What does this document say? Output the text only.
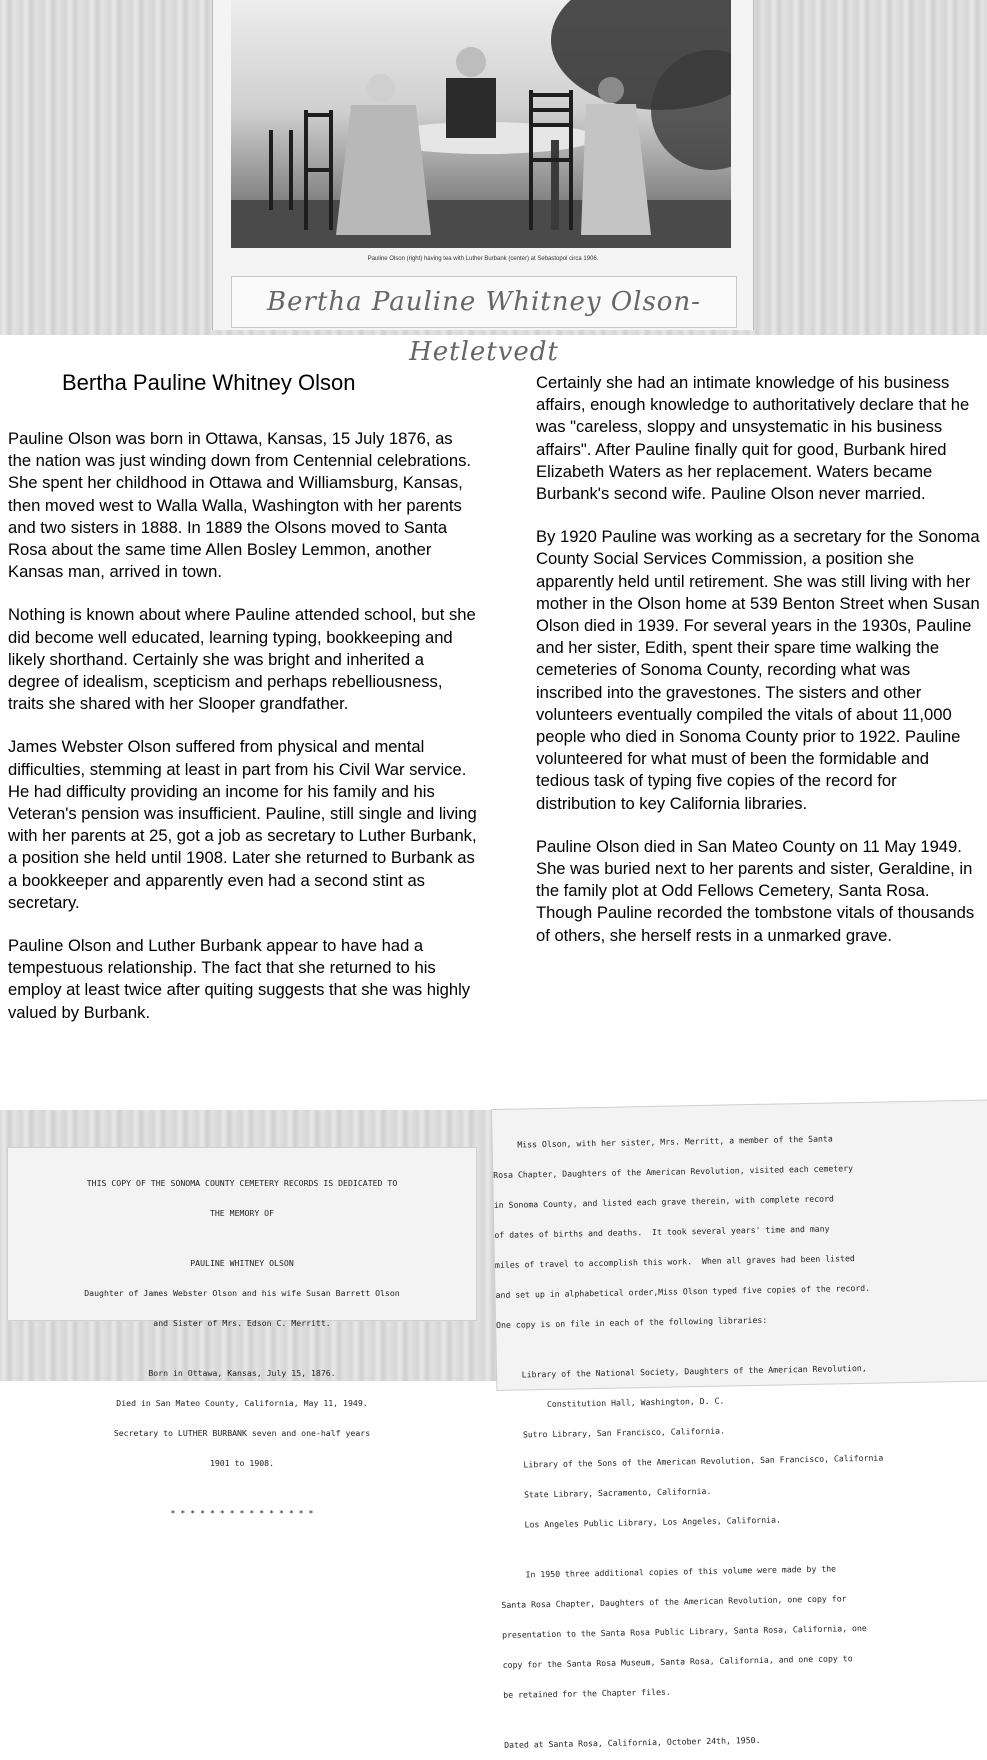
Pauline Olson (right) having tea with Luther Burbank (center) at Sebastopol circa 1906.
Bertha Pauline Whitney Olson-Hetletvedt
Bertha Pauline Whitney Olson

Pauline Olson was born in Ottawa, Kansas, 15 July 1876, as the nation was just winding down from Centennial celebrations. She spent her childhood in Ottawa and Williamsburg, Kansas, then moved west to Walla Walla, Washington with her parents and two sisters in 1888. In 1889 the Olsons moved to Santa Rosa about the same time Allen Bosley Lemmon, another Kansas man, arrived in town.

Nothing is known about where Pauline attended school, but she did become well educated, learning typing, bookkeeping and likely shorthand. Certainly she was bright and inherited a degree of idealism, scepticism and perhaps rebelliousness, traits she shared with her Slooper grandfather.

James Webster Olson suffered from physical and mental difficulties, stemming at least in part from his Civil War service. He had difficulty providing an income for his family and his Veteran's pension was insufficient. Pauline, still single and living with her parents at 25, got a job as secretary to Luther Burbank, a position she held until 1908. Later she returned to Burbank as a bookkeeper and apparently even had a second stint as secretary.

Pauline Olson and Luther Burbank appear to have had a tempestuous relationship. The fact that she returned to his employ at least twice after quiting suggests that she was highly valued by Burbank.

Certainly she had an intimate knowledge of his business affairs, enough knowledge to authoritatively declare that he was "careless, sloppy and unsystematic in his business affairs". After Pauline finally quit for good, Burbank hired Elizabeth Waters as her replacement. Waters became Burbank's second wife. Pauline Olson never married.

By 1920 Pauline was working as a secretary for the Sonoma County Social Services Commission, a position she apparently held until retirement. She was still living with her mother in the Olson home at 539 Benton Street when Susan Olson died in 1939. For several years in the 1930s, Pauline and her sister, Edith, spent their spare time walking the cemeteries of Sonoma County, recording what was inscribed into the gravestones. The sisters and other volunteers eventually compiled the vitals of about 11,000 people who died in Sonoma County prior to 1922. Pauline volunteered for what must of been the formidable and tedious task of typing five copies of the record for distribution to key California libraries.

Pauline Olson died in San Mateo County on 11 May 1949. She was buried next to her parents and sister, Geraldine, in the family plot at Odd Fellows Cemetery, Santa Rosa. Though Pauline recorded the tombstone vitals of thousands of others, she herself rests in a unmarked grave.

THIS COPY OF THE SONOMA COUNTY CEMETERY RECORDS IS DEDICATED TO

THE MEMORY OF

PAULINE WHITNEY OLSON

Daughter of James Webster Olson and his wife Susan Barrett Olson

and Sister of Mrs. Edson C. Merritt.

Born in Ottawa, Kansas, July 15, 1876.

Died in San Mateo County, California, May 11, 1949.

Secretary to LUTHER BURBANK seven and one-half years

1901 to 1908.

* * * * * * * * * * * * * * *

Miss Olson, with her sister, Mrs. Merritt, a member of the Santa

Rosa Chapter, Daughters of the American Revolution, visited each cemetery

in Sonoma County, and listed each grave therein, with complete record

of dates of births and deaths.  It took several years' time and many

miles of travel to accomplish this work.  When all graves had been listed

and set up in alphabetical order,Miss Olson typed five copies of the record.

One copy is on file in each of the following libraries:

Library of the National Society, Daughters of the American Revolution,

Constitution Hall, Washington, D. C.

Sutro Library, San Francisco, California.

Library of the Sons of the American Revolution, San Francisco, California

State Library, Sacramento, California.

Los Angeles Public Library, Los Angeles, California.

In 1950 three additional copies of this volume were made by the

Santa Rosa Chapter, Daughters of the American Revolution, one copy for

presentation to the Santa Rosa Public Library, Santa Rosa, California, one

copy for the Santa Rosa Museum, Santa Rosa, California, and one copy to

be retained for the Chapter files.

Dated at Santa Rosa, California, October 24th, 1950.
